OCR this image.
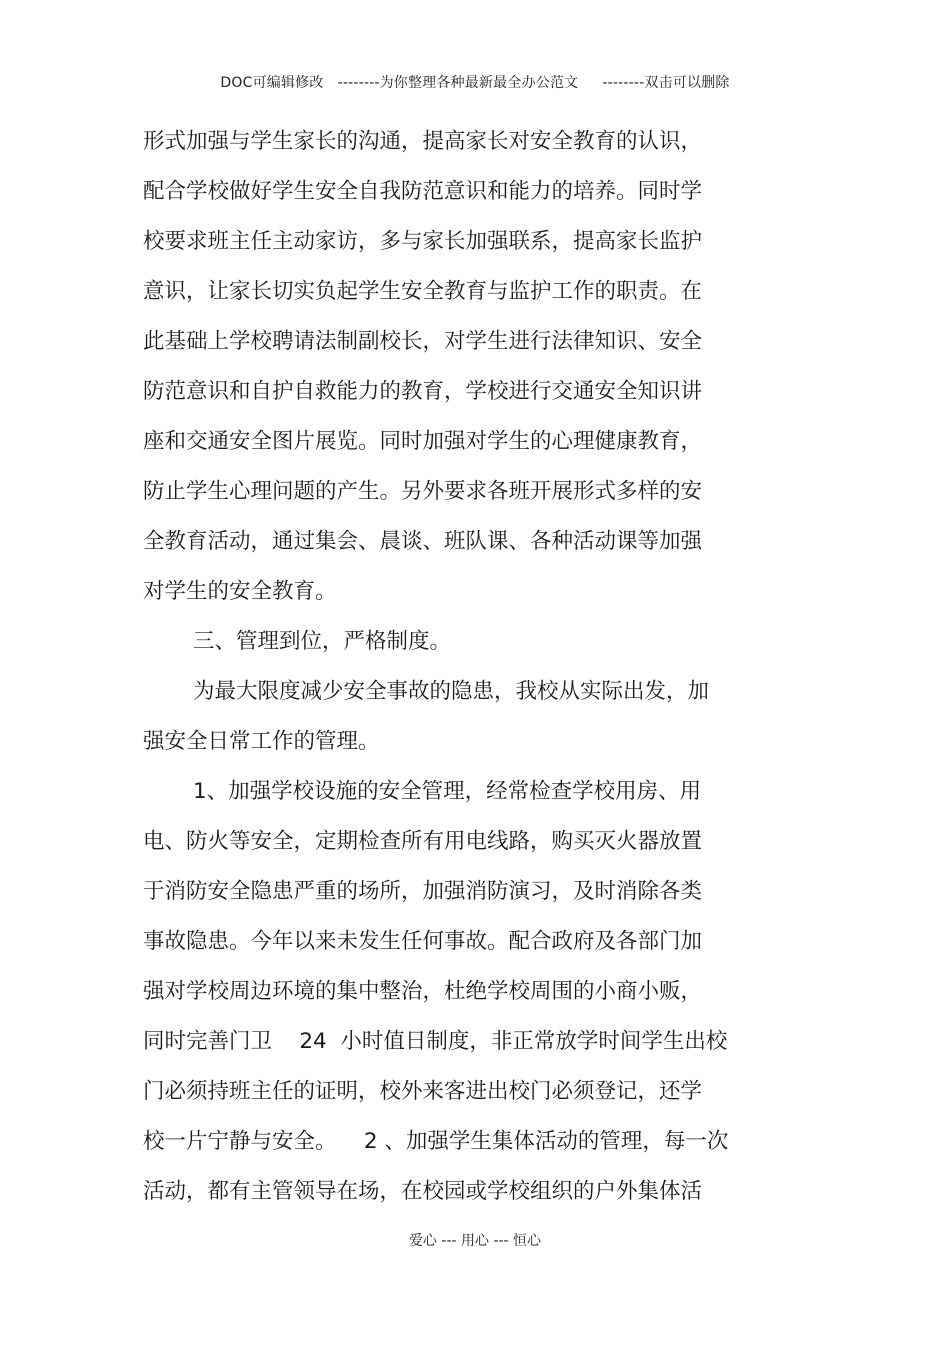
DOC可编辑修改 --------为你整理各种最新最全办公范文 --------双击可以删除
形式加强与学生家长的沟通，提高家长对安全教育的认识，
配合学校做好学生安全自我防范意识和能力的培养。同时学
校要求班主任主动家访，多与家长加强联系，提高家长监护
意识，让家长切实负起学生安全教育与监护工作的职责。在
此基础上学校聘请法制副校长，对学生进行法律知识、安全
防范意识和自护自救能力的教育，学校进行交通安全知识讲
座和交通安全图片展览。同时加强对学生的心理健康教育，
防止学生心理问题的产生。另外要求各班开展形式多样的安
全教育活动，通过集会、晨谈、班队课、各种活动课等加强
对学生的安全教育。
三、管理到位，严格制度。
为最大限度减少安全事故的隐患，我校从实际出发，加
强安全日常工作的管理。
1、加强学校设施的安全管理，经常检查学校用房、用
电、防火等安全，定期检查所有用电线路，购买灭火器放置
于消防安全隐患严重的场所，加强消防演习，及时消除各类
事故隐患。今年以来未发生任何事故。配合政府及各部门加
强对学校周边环境的集中整治，杜绝学校周围的小商小贩，
同时完善门卫    24  小时值日制度，非正常放学时间学生出校
门必须持班主任的证明，校外来客进出校门必须登记，还学
校一片宁静与安全。    2 、加强学生集体活动的管理，每一次
活动，都有主管领导在场，在校园或学校组织的户外集体活
爱心 --- 用心 --- 恒心
